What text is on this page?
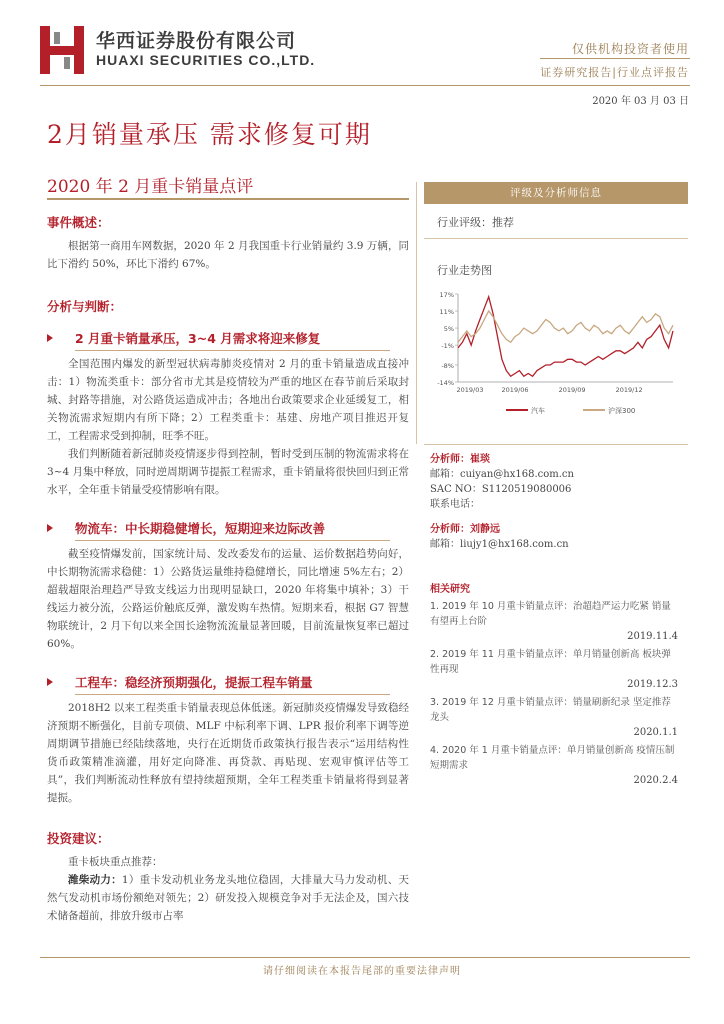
华西证券股份有限公司
HUAXI SECURITIES CO.,LTD.
仅供机构投资者使用
证券研究报告|行业点评报告
2020 年 03 月 03 日
2月销量承压 需求修复可期
2020 年 2 月重卡销量点评
事件概述：

根据第一商用车网数据，2020 年 2 月我国重卡行业销量约 3.9 万辆，同比下滑约 50%，环比下滑约 67%。

分析与判断：
2 月重卡销量承压，3~4 月需求将迎来修复

全国范围内爆发的新型冠状病毒肺炎疫情对 2 月的重卡销量造成直接冲击：1）物流类重卡：部分省市尤其是疫情较为严重的地区在春节前后采取封城、封路等措施，对公路货运造成冲击；各地出台政策要求企业延缓复工，相关物流需求短期内有所下降；2）工程类重卡：基建、房地产项目推迟开复工，工程需求受到抑制，旺季不旺。

我们判断随着新冠肺炎疫情逐步得到控制，暂时受到压制的物流需求将在 3~4 月集中释放，同时逆周期调节提振工程需求，重卡销量将很快回归到正常水平，全年重卡销量受疫情影响有限。

物流车：中长期稳健增长，短期迎来边际改善

截至疫情爆发前，国家统计局、发改委发布的运量、运价数据趋势向好，中长期物流需求稳健：1）公路货运量维持稳健增长，同比增速 5%左右；2）超载超限治理趋严导致支线运力出现明显缺口，2020 年将集中填补；3）干线运力被分流，公路运价触底反弹，激发购车热情。短期来看，根据 G7 智慧物联统计，2 月下旬以来全国长途物流流量显著回暖，目前流量恢复率已超过 60%。

工程车：稳经济预期强化，提振工程车销量

2018H2 以来工程类重卡销量表现总体低迷。新冠肺炎疫情爆发导致稳经济预期不断强化，目前专项债、MLF 中标利率下调、LPR 报价利率下调等逆周期调节措施已经陆续落地，央行在近期货币政策执行报告表示“运用结构性货币政策精准滴灌，用好定向降准、再贷款、再贴现、宏观审慎评估等工具”，我们判断流动性释放有望持续超预期，全年工程类重卡销量将得到显著提振。

投资建议：

重卡板块重点推荐：

潍柴动力：1）重卡发动机业务龙头地位稳固，大排量大马力发动机、天然气发动机市场份额绝对领先；2）研发投入规模竞争对手无法企及，国六技术储备超前，排放升级市占率

评级及分析师信息
行业评级：推荐
行业走势图
17%
11%
5%
-1%
-8%
-14%
2019/03	2019/06	2019/09	2019/12
汽车	沪深300
分析师：崔琰
邮箱：cuiyan@hx168.com.cn
SAC NO：S1120519080006
联系电话：
分析师：刘静远
邮箱：liujy1@hx168.com.cn
相关研究
1. 2019 年 10 月重卡销量点评：治超趋严运力吃紧 销量有望再上台阶
2019.11.4
2. 2019 年 11 月重卡销量点评：单月销量创新高 板块弹性再现
2019.12.3
3. 2019 年 12 月重卡销量点评：销量刷新纪录 坚定推荐龙头
2020.1.1
4. 2020 年 1 月重卡销量点评：单月销量创新高 疫情压制短期需求
2020.2.4
请仔细阅读在本报告尾部的重要法律声明
